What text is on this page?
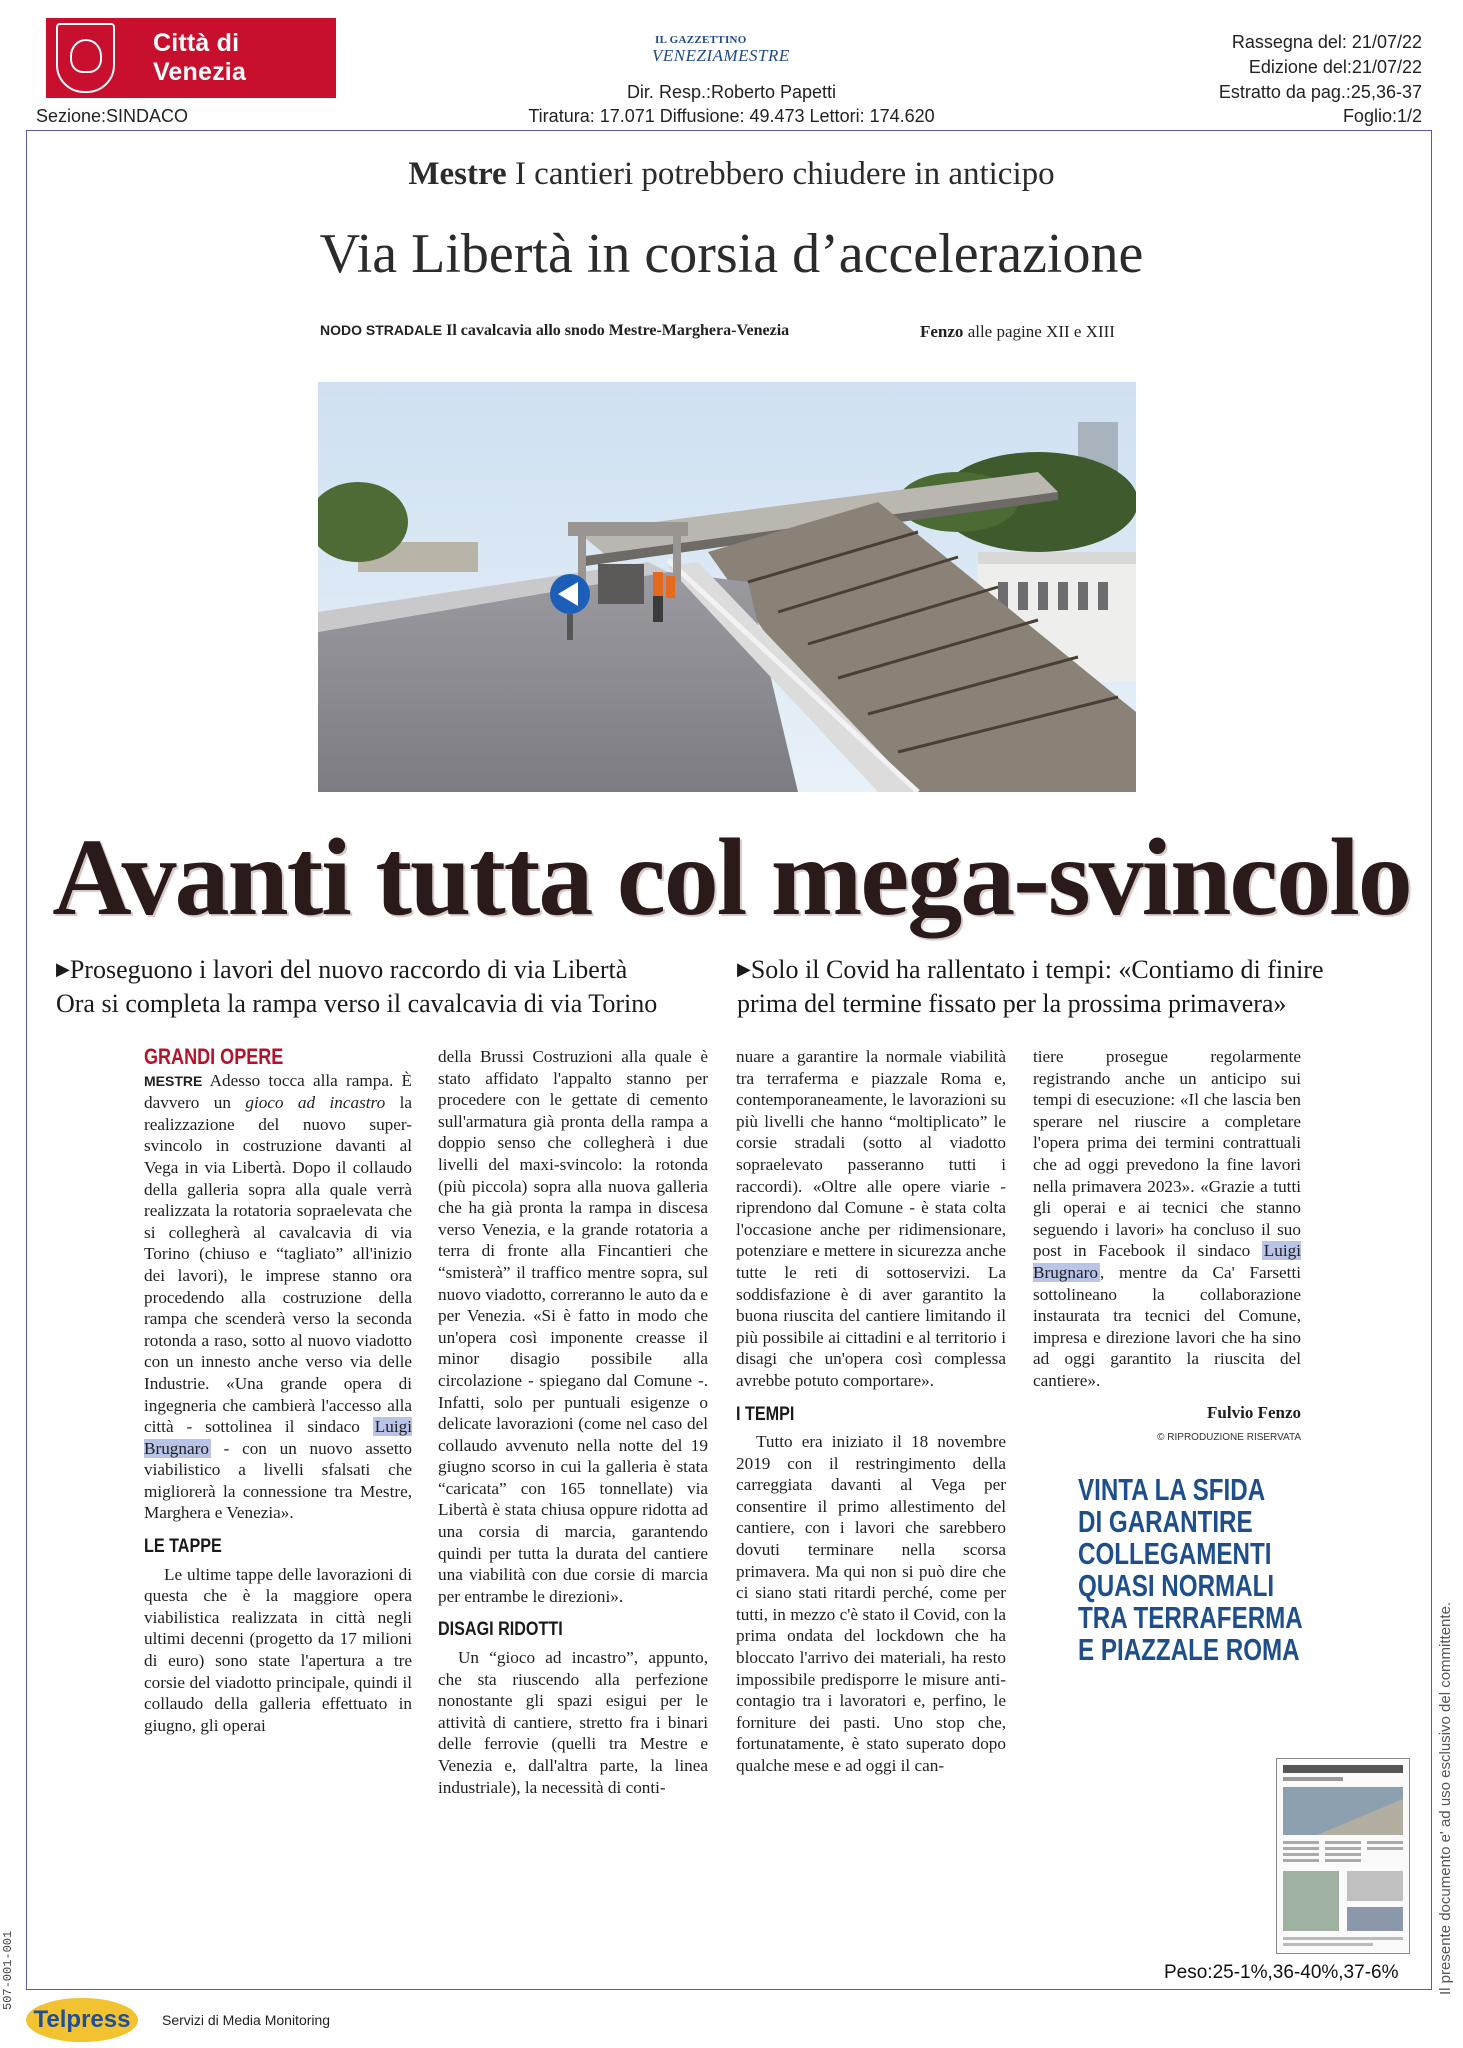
Città di Venezia
Sezione:SINDACO
IL GAZZETTINO
VENEZIAMESTRE
Dir. Resp.:Roberto Papetti
Tiratura: 17.071 Diffusione: 49.473 Lettori: 174.620
Rassegna del: 21/07/22
Edizione del:21/07/22
Estratto da pag.:25,36-37
Foglio:1/2
Mestre I cantieri potrebbero chiudere in anticipo
Via Libertà in corsia d’accelerazione
NODO STRADALE Il cavalcavia allo snodo Mestre-Marghera-Venezia	Fenzo alle pagine XII e XIII
Avanti tutta col mega-svincolo
▶Proseguono i lavori del nuovo raccordo di via Libertà
Ora si completa la rampa verso il cavalcavia di via Torino
▶Solo il Covid ha rallentato i tempi: «Contiamo di finire
prima del termine fissato per la prossima primavera»
GRANDI OPERE

MESTRE Adesso tocca alla rampa. È davvero un gioco ad incastro la realizzazione del nuovo super-svincolo in costruzione davanti al Vega in via Libertà. Dopo il collaudo della galleria sopra alla quale verrà realizzata la rotatoria sopraelevata che si collegherà al cavalcavia di via Torino (chiuso e “tagliato” all'inizio dei lavori), le imprese stanno ora procedendo alla costruzione della rampa che scenderà verso la seconda rotonda a raso, sotto al nuovo viadotto con un innesto anche verso via delle Industrie. «Una grande opera di ingegneria che cambierà l'accesso alla città - sottolinea il sindaco Luigi Brugnaro - con un nuovo assetto viabilistico a livelli sfalsati che migliorerà la connessione tra Mestre, Marghera e Venezia».

LE TAPPE

Le ultime tappe delle lavorazioni di questa che è la maggiore opera viabilistica realizzata in città negli ultimi decenni (progetto da 17 milioni di euro) sono state l'apertura a tre corsie del viadotto principale, quindi il collaudo della galleria effettuato in giugno, gli operai

della Brussi Costruzioni alla quale è stato affidato l'appalto stanno per procedere con le gettate di cemento sull'armatura già pronta della rampa a doppio senso che collegherà i due livelli del maxi-svincolo: la rotonda (più piccola) sopra alla nuova galleria che ha già pronta la rampa in discesa verso Venezia, e la grande rotatoria a terra di fronte alla Fincantieri che “smisterà” il traffico mentre sopra, sul nuovo viadotto, correranno le auto da e per Venezia. «Si è fatto in modo che un'opera così imponente creasse il minor disagio possibile alla circolazione - spiegano dal Comune -. Infatti, solo per puntuali esigenze o delicate lavorazioni (come nel caso del collaudo avvenuto nella notte del 19 giugno scorso in cui la galleria è stata “caricata” con 165 tonnellate) via Libertà è stata chiusa oppure ridotta ad una corsia di marcia, garantendo quindi per tutta la durata del cantiere una viabilità con due corsie di marcia per entrambe le direzioni».

DISAGI RIDOTTI

Un “gioco ad incastro”, appunto, che sta riuscendo alla perfezione nonostante gli spazi esigui per le attività di cantiere, stretto fra i binari delle ferrovie (quelli tra Mestre e Venezia e, dall'altra parte, la linea industriale), la necessità di conti-

nuare a garantire la normale viabilità tra terraferma e piazzale Roma e, contemporaneamente, le lavorazioni su più livelli che hanno “moltiplicato” le corsie stradali (sotto al viadotto sopraelevato passeranno tutti i raccordi). «Oltre alle opere viarie - riprendono dal Comune - è stata colta l'occasione anche per ridimensionare, potenziare e mettere in sicurezza anche tutte le reti di sottoservizi. La soddisfazione è di aver garantito la buona riuscita del cantiere limitando il più possibile ai cittadini e al territorio i disagi che un'opera così complessa avrebbe potuto comportare».

I TEMPI

Tutto era iniziato il 18 novembre 2019 con il restringimento della carreggiata davanti al Vega per consentire il primo allestimento del cantiere, con i lavori che sarebbero dovuti terminare nella scorsa primavera. Ma qui non si può dire che ci siano stati ritardi perché, come per tutti, in mezzo c'è stato il Covid, con la prima ondata del lockdown che ha bloccato l'arrivo dei materiali, ha resto impossibile predisporre le misure anti-contagio tra i lavoratori e, perfino, le forniture dei pasti. Uno stop che, fortunatamente, è stato superato dopo qualche mese e ad oggi il can-

tiere prosegue regolarmente registrando anche un anticipo sui tempi di esecuzione: «Il che lascia ben sperare nel riuscire a completare l'opera prima dei termini contrattuali che ad oggi prevedono la fine lavori nella primavera 2023». «Grazie a tutti gli operai e ai tecnici che stanno seguendo i lavori» ha concluso il suo post in Facebook il sindaco Luigi Brugnaro , mentre da Ca' Farsetti sottolineano la collaborazione instaurata tra tecnici del Comune, impresa e direzione lavori che ha sino ad oggi garantito la riuscita del cantiere».

Fulvio Fenzo
© RIPRODUZIONE RISERVATA
VINTA LA SFIDA
DI GARANTIRE
COLLEGAMENTI
QUASI NORMALI
TRA TERRAFERMA
E PIAZZALE ROMA
Peso:25-1%,36-40%,37-6%	Il presente documento e' ad uso esclusivo del committente.
507-001-001
Telpress Servizi di Media Monitoring
